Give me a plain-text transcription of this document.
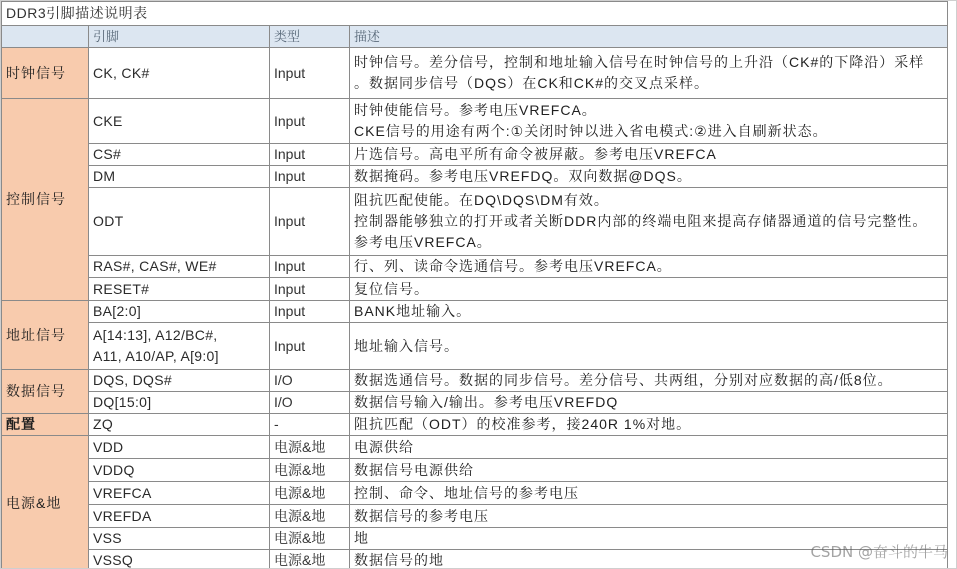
DDR3引脚描述说明表			
	引脚	类型	描述
时钟信号	CK, CK#	Input	时钟信号。差分信号，控制和地址输入信号在时钟信号的上升沿（CK#的下降沿）采样
。数据同步信号（DQS）在CK和CK#的交叉点采样。

控制信号	CKE	Input	时钟使能信号。参考电压VREFCA。
CKE信号的用途有两个:①关闭时钟以进入省电模式:②进入自刷新状态。

	CS#	Input	片选信号。高电平所有命令被屏蔽。参考电压VREFCA

	DM	Input	数据掩码。参考电压VREFDQ。双向数据@DQS。

	ODT	Input	阻抗匹配使能。在DQ\DQS\DM有效。
控制器能够独立的打开或者关断DDR内部的终端电阻来提高存储器通道的信号完整性。
参考电压VREFCA。

	RAS#, CAS#, WE#	Input	行、列、读命令选通信号。参考电压VREFCA。

	RESET#	Input	复位信号。

地址信号	BA[2:0]	Input	BANK地址输入。

	A[14:13], A12/BC#,
A11, A10/AP, A[9:0]	Input	地址输入信号。

数据信号	DQS, DQS#	I/O	数据选通信号。数据的同步信号。差分信号、共两组，分别对应数据的高/低8位。

	DQ[15:0]	I/O	数据信号输入/输出。参考电压VREFDQ

配置	ZQ	-	阻抗匹配（ODT）的校准参考，接240R 1%对地。

电源&地	VDD	电源&地	电源供给

	VDDQ	电源&地	数据信号电源供给

	VREFCA	电源&地	控制、命令、地址信号的参考电压

	VREFDA	电源&地	数据信号的参考电压

	VSS	电源&地	地

	VSSQ	电源&地	数据信号的地	CSDN @奋斗的牛马
